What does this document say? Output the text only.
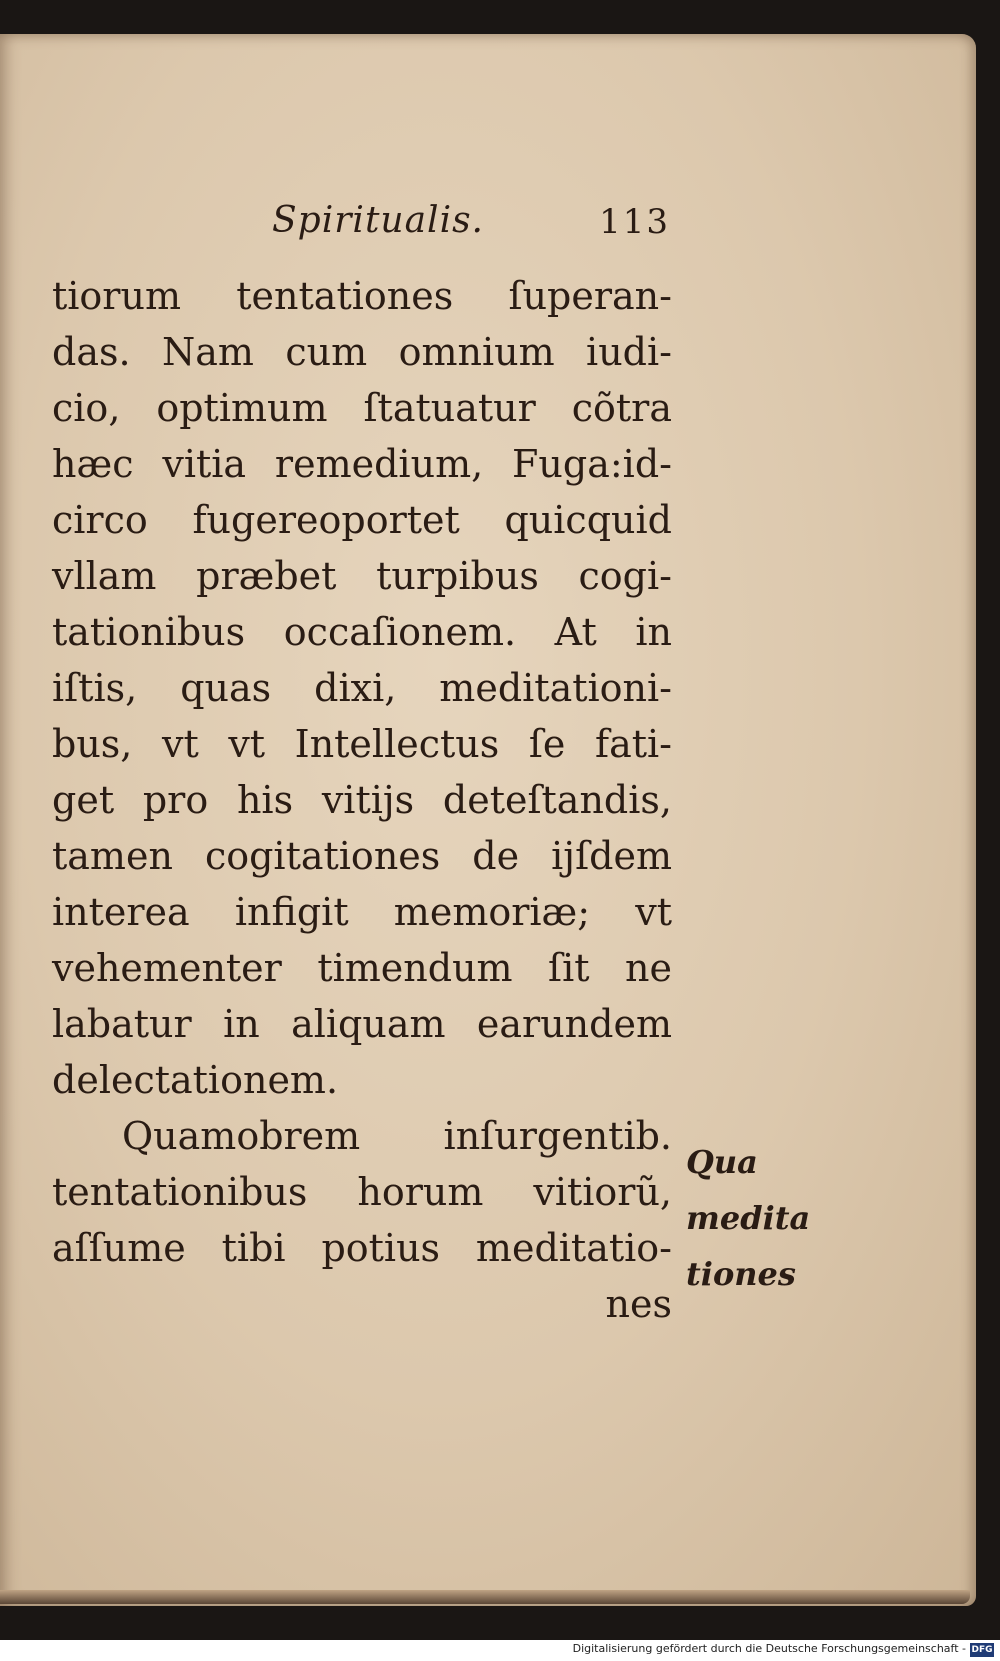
Spiritualis.	113
tiorum tentationes ſuperan-
das. Nam cum omnium iudi-
cio, optimum ſtatuatur cõtra
hæc vitia remedium, Fuga:id-
circo fugereoportet quicquid
vllam præbet turpibus cogi-
tationibus occaſionem. At in
iſtis, quas dixi, meditationi-
bus, vt vt Intellectus ſe fati-
get pro his vitijs deteſtandis,
tamen cogitationes de ijſdem
interea infigit memoriæ; vt
vehementer timendum ſit ne
labatur in aliquam earundem
delectationem.
Quamobrem inſurgentib.
tentationibus horum vitiorũ,
aſſume tibi potius meditatio-
nes
Qua
medita
tiones
Digitalisierung gefördert durch die Deutsche Forschungsgemeinschaft - DFG
